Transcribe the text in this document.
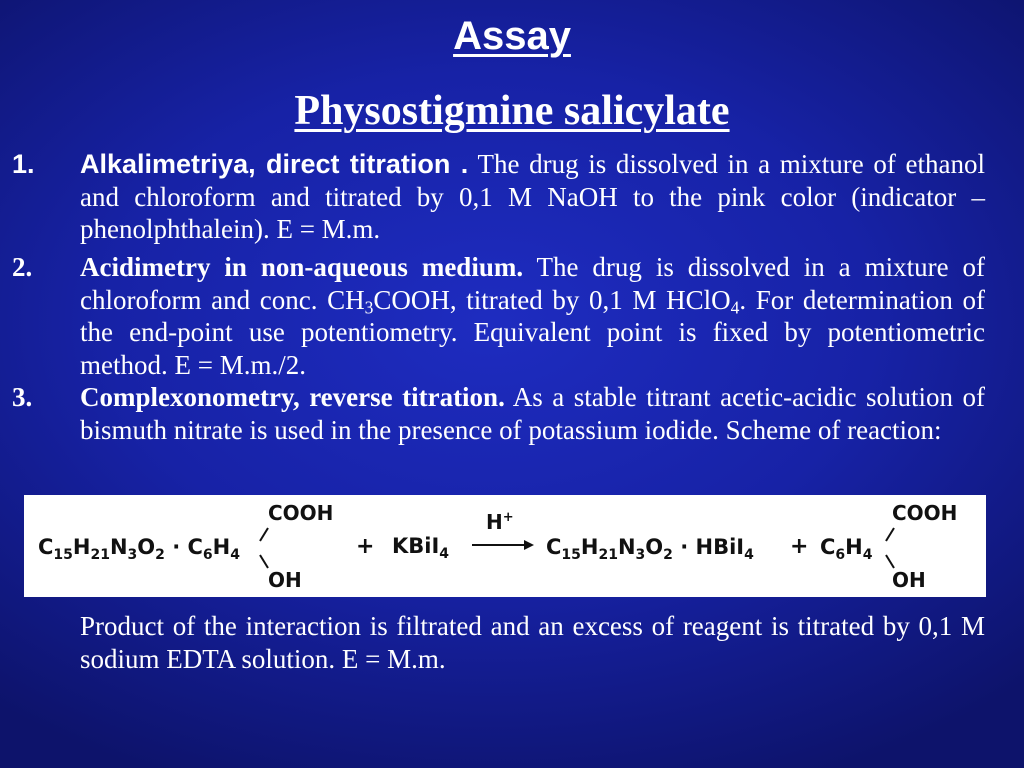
Assay
Physostigmine salicylate
1. Alkalimetriya, direct titration . The drug is dissolved in a mixture of ethanol and chloroform and titrated by 0,1 M NaOH to the pink color (indicator – phenolphthalein). E = M.m.
2. Acidimetry in non-aqueous medium. The drug is dissolved in a mixture of chloroform and conc. $CH_3COOH$, titrated by 0,1 M HClO$_4$. For determination of the end-point use potentiometry. Equivalent point is fixed by potentiometric method. E = M.m./2.
3. Complexonometry, reverse titration. As a stable titrant acetic-acidic solution of bismuth nitrate is used in the presence of potassium iodide. Scheme of reaction:
$C_{15}H_{21}N_3O_2 \cdot C_6H_4$
COOH
OH
+ KBiI$_4$
H+
$C_{15}H_{21}N_3O_2$ · HBiI$_4$ + $C_6H_4$
COOH
OH
Product of the interaction is filtrated and an excess of reagent is titrated by 0,1 M sodium EDTA solution. E = M.m.
